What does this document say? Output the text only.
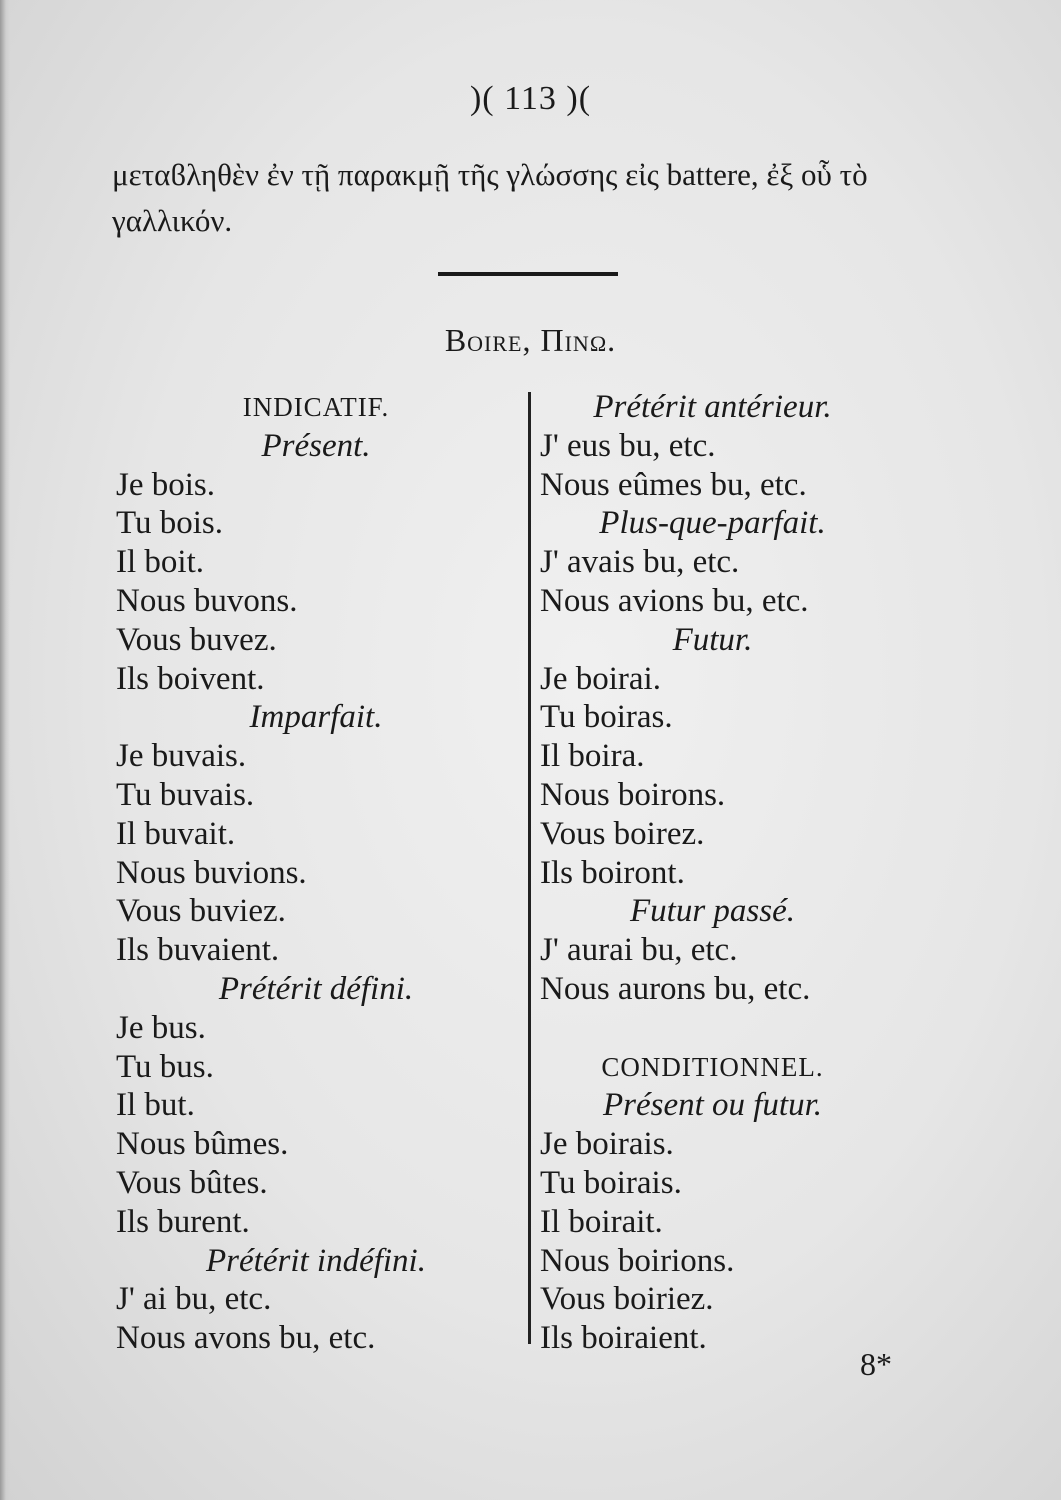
)( 113 )(
μεταϐληθὲν ἐν τῇ παρακμῇ τῆς γλώσσης εἰς battere, ἐξ οὗ τὸ γαλλικόν.
Boire, Πινω.
INDICATIF.
Présent.
Je bois.
Tu bois.
Il boit.
Nous buvons.
Vous buvez.
Ils boivent.
Imparfait.
Je buvais.
Tu buvais.
Il buvait.
Nous buvions.
Vous buviez.
Ils buvaient.
Prétérit défini.
Je bus.
Tu bus.
Il but.
Nous bûmes.
Vous bûtes.
Ils burent.
Prétérit indéfini.
J' ai bu, etc.
Nous avons bu, etc.
Prétérit antérieur.
J' eus bu, etc.
Nous eûmes bu, etc.
Plus-que-parfait.
J' avais bu, etc.
Nous avions bu, etc.
Futur.
Je boirai.
Tu boiras.
Il boira.
Nous boirons.
Vous boirez.
Ils boiront.
Futur passé.
J' aurai bu, etc.
Nous aurons bu, etc.
CONDITIONNEL.
Présent ou futur.
Je boirais.
Tu boirais.
Il boirait.
Nous boirions.
Vous boiriez.
Ils boiraient.
8*
